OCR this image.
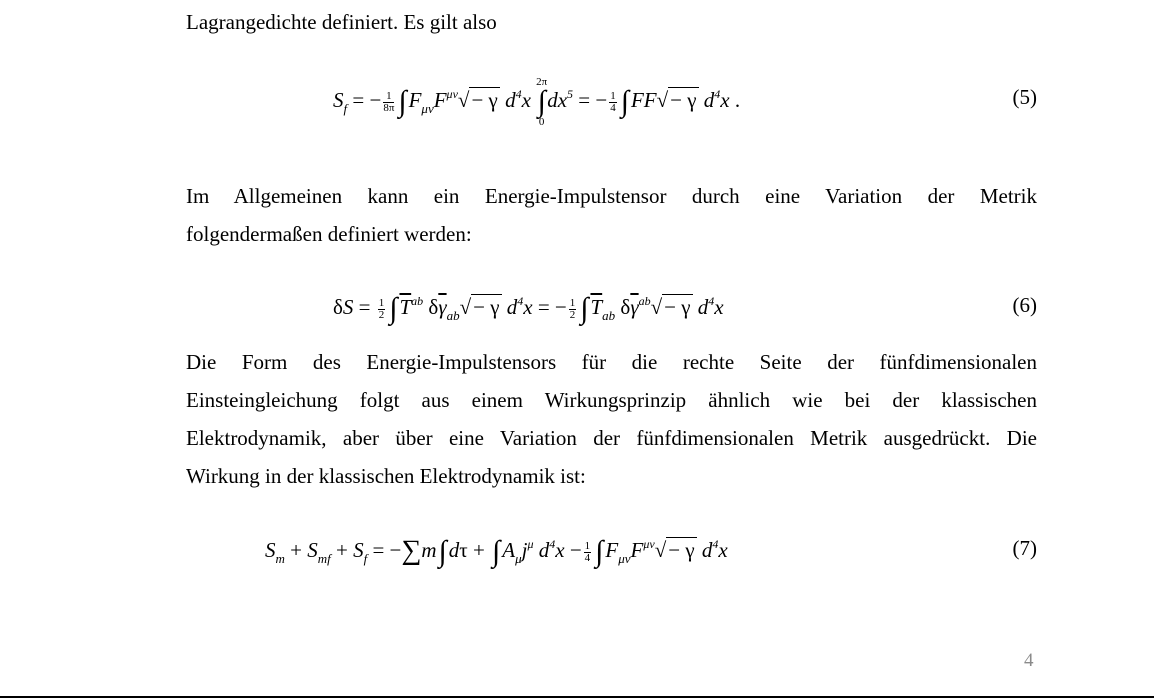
Lagrangedichte definiert. Es gilt also
$S_f$ = − $\frac{1}{8\pi} \int F_{\mu\nu}F^{\mu\nu}√- \gamma$ $d^4x$
2π
∫
0
$dx^5$ = − $\frac{1}{4} \int FF√- \gamma$ $d^4x$ .	(5)
Im Allgemeinen kann ein Energie-Impulstensor durch eine Variation der Metrik
folgendermaßen definiert werden:
$\delta S = \frac{1}{2} \int\overline{T}^{ab}$ $\delta\overline{\gamma}_{ab}√- \gamma$ $d^4x$ = − $\frac{1}{2} \int\overline{T}_{ab}$ $\delta\overline{\gamma}^{ab}√- \gamma$ $d^4x$	(6)
Die Form des Energie-Impulstensors für die rechte Seite der fünfdimensionalen
Einsteingleichung folgt aus einem Wirkungsprinzip ähnlich wie bei der klassischen
Elektrodynamik, aber über eine Variation der fünfdimensionalen Metrik ausgedrückt. Die
Wirkung in der klassischen Elektrodynamik ist:
$S_m + S_{mf} + S_f = -\sum m\int d\tau + \int A_\mu j^\mu$ $d^4x - \frac{1}{4} \int F_{\mu\nu}F^{\mu\nu}√- \gamma$ $d^4x$	(7)
4
